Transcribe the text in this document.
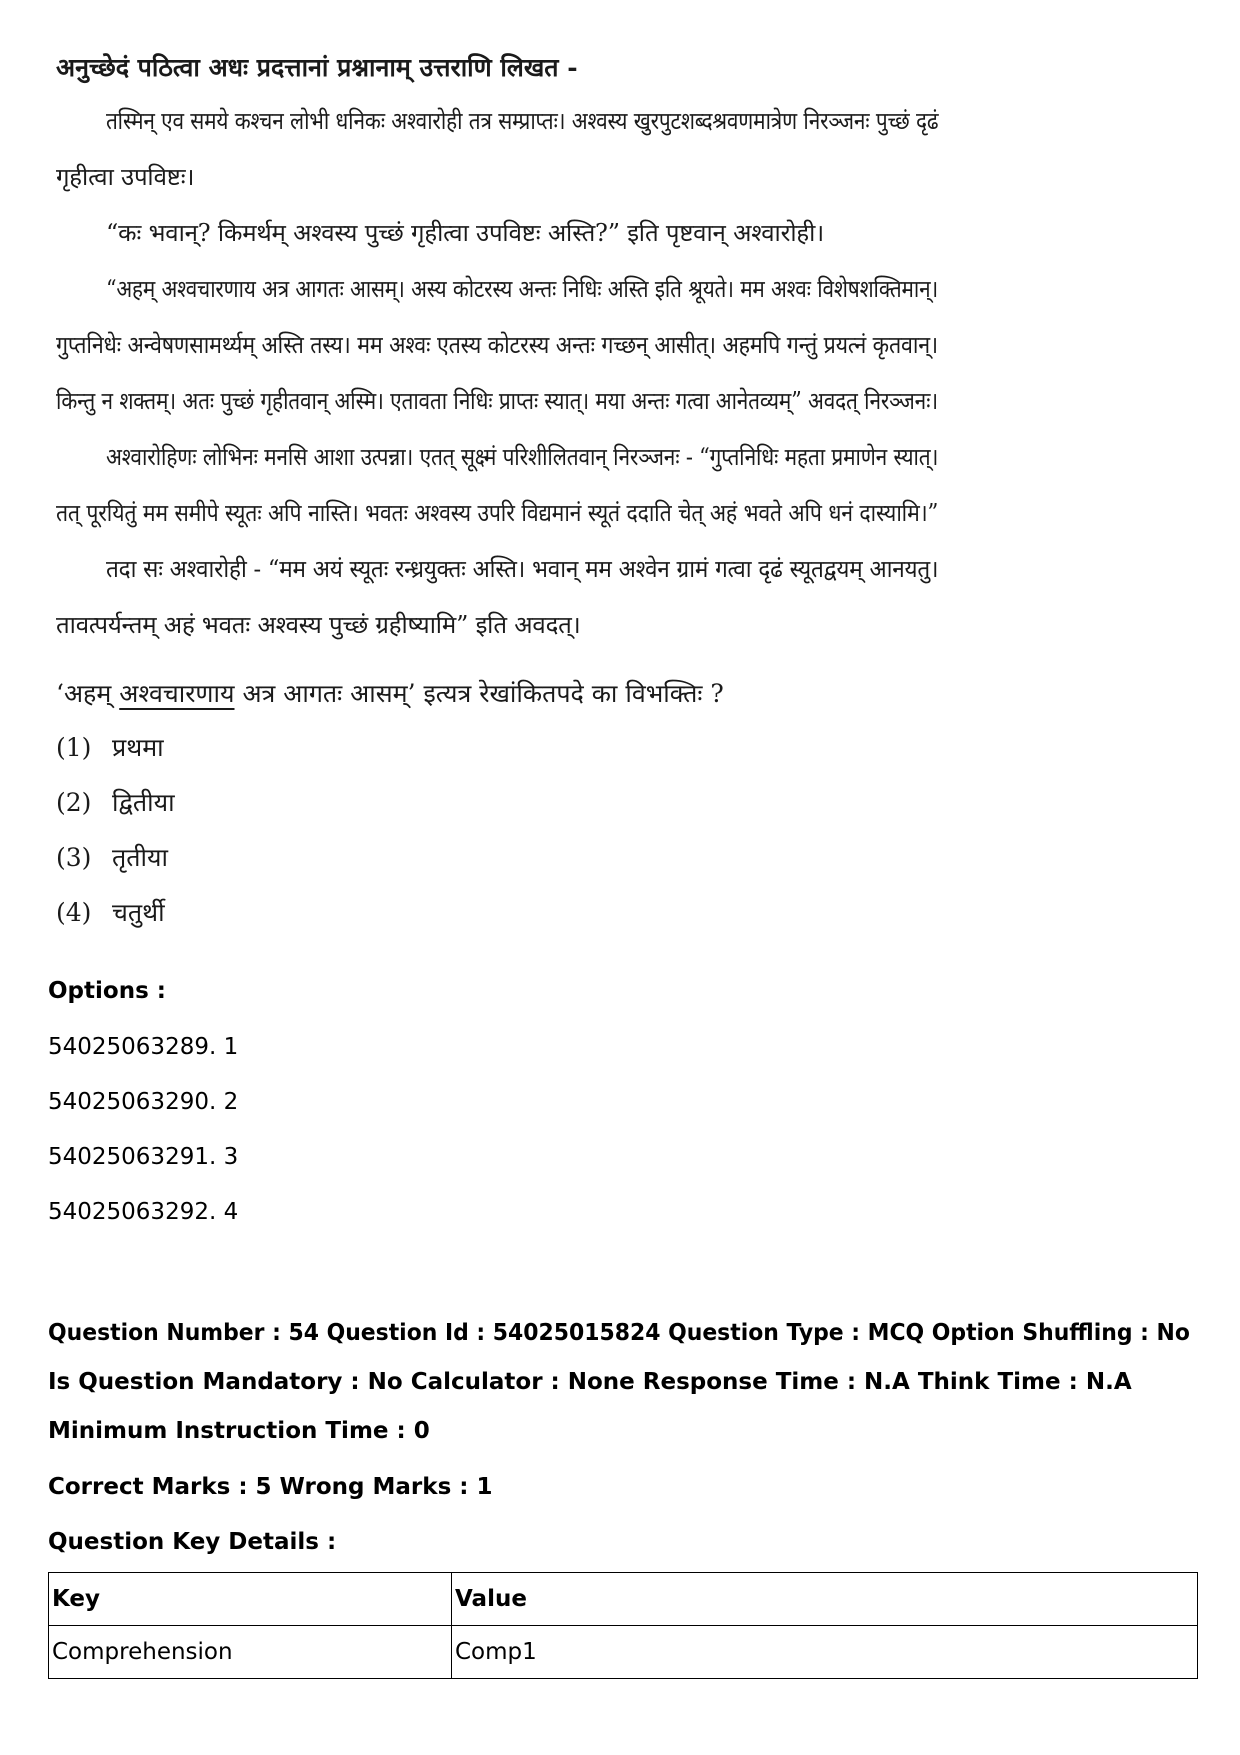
अनुच्छेदं पठित्वा अधः प्रदत्तानां प्रश्नानाम् उत्तराणि लिखत -
तस्मिन् एव समये कश्चन लोभी धनिकः अश्वारोही तत्र सम्प्राप्तः। अश्वस्य खुरपुटशब्दश्रवणमात्रेण निरञ्जनः पुच्छं दृढं
गृहीत्वा उपविष्टः।
“कः भवान्? किमर्थम् अश्वस्य पुच्छं गृहीत्वा उपविष्टः अस्ति?” इति पृष्टवान् अश्वारोही।
“अहम् अश्वचारणाय अत्र आगतः आसम्। अस्य कोटरस्य अन्तः निधिः अस्ति इति श्रूयते। मम अश्वः विशेषशक्तिमान्।
गुप्तनिधेः अन्वेषणसामर्थ्यम् अस्ति तस्य। मम अश्वः एतस्य कोटरस्य अन्तः गच्छन् आसीत्। अहमपि गन्तुं प्रयत्नं कृतवान्।
किन्तु न शक्तम्। अतः पुच्छं गृहीतवान् अस्मि। एतावता निधिः प्राप्तः स्यात्। मया अन्तः गत्वा आनेतव्यम्” अवदत् निरञ्जनः।
अश्वारोहिणः लोभिनः मनसि आशा उत्पन्ना। एतत् सूक्ष्मं परिशीलितवान् निरञ्जनः - “गुप्तनिधिः महता प्रमाणेन स्यात्।
तत् पूरयितुं मम समीपे स्यूतः अपि नास्ति। भवतः अश्वस्य उपरि विद्यमानं स्यूतं ददाति चेत् अहं भवते अपि धनं दास्यामि।”
तदा सः अश्वारोही - “मम अयं स्यूतः रन्ध्रयुक्तः अस्ति। भवान् मम अश्वेन ग्रामं गत्वा दृढं स्यूतद्वयम् आनयतु।
तावत्पर्यन्तम् अहं भवतः अश्वस्य पुच्छं ग्रहीष्यामि” इति अवदत्।
‘अहम् अश्वचारणाय अत्र आगतः आसम्’ इत्यत्र रेखांकितपदे का विभक्तिः ?
(1) प्रथमा
(2) द्वितीया
(3) तृतीया
(4) चतुर्थी
Options :
54025063289. 1
54025063290. 2
54025063291. 3
54025063292. 4
Question Number : 54 Question Id : 54025015824 Question Type : MCQ Option Shuffling : No
Is Question Mandatory : No Calculator : None Response Time : N.A Think Time : N.A
Minimum Instruction Time : 0
Correct Marks : 5 Wrong Marks : 1
Question Key Details :
Key	Value
Comprehension	Comp1
